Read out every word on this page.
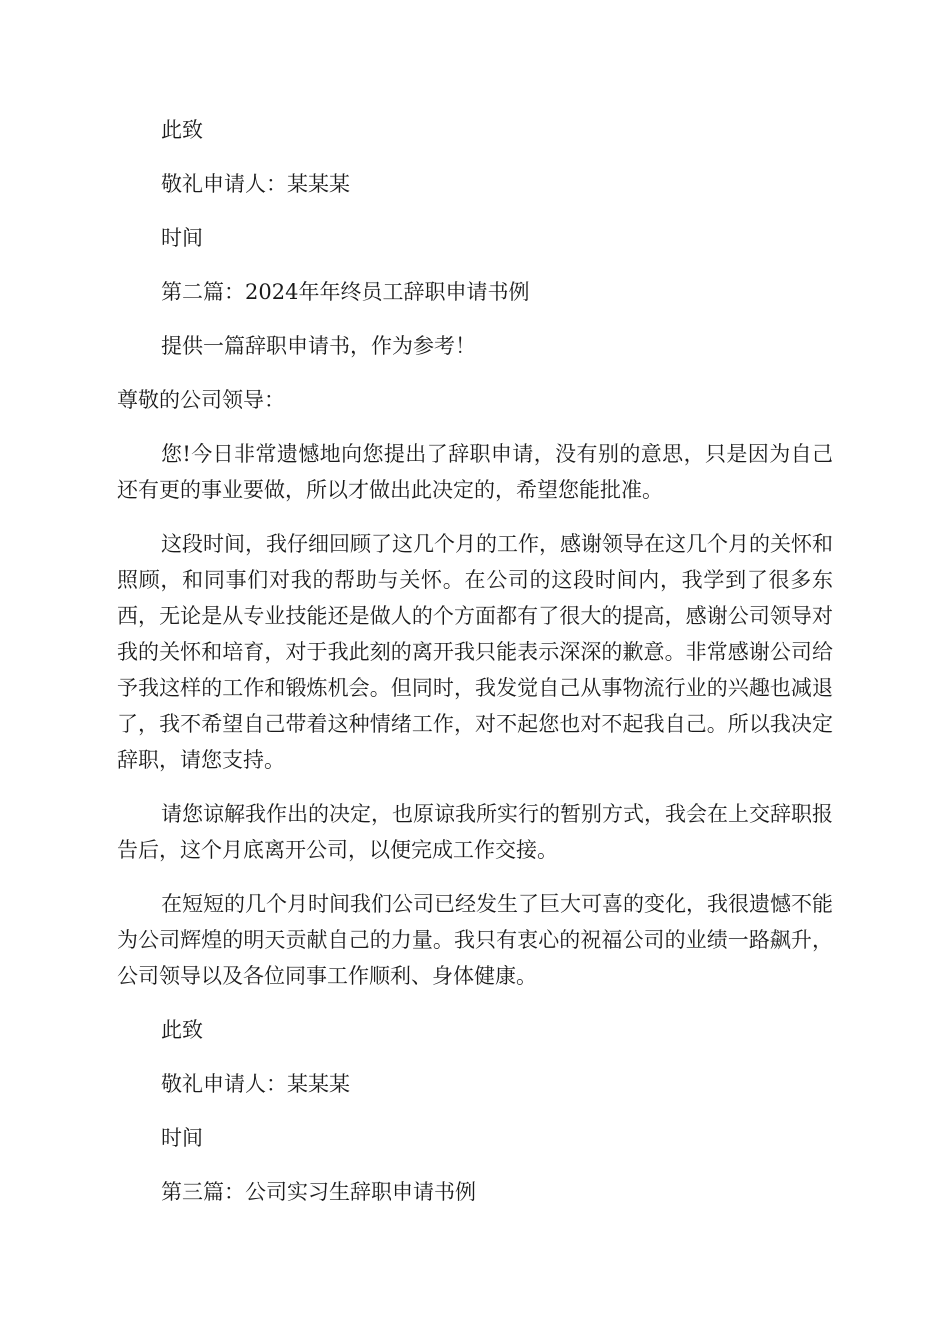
此致

敬礼申请人：某某某

时间

第二篇：2024年年终员工辞职申请书例

提供一篇辞职申请书，作为参考！

尊敬的公司领导：

您!今日非常遗憾地向您提出了辞职申请，没有别的意思，只是因为自己还有更的事业要做，所以才做出此决定的，希望您能批准。

这段时间，我仔细回顾了这几个月的工作，感谢领导在这几个月的关怀和照顾，和同事们对我的帮助与关怀。在公司的这段时间内，我学到了很多东西，无论是从专业技能还是做人的个方面都有了很大的提高，感谢公司领导对我的关怀和培育，对于我此刻的离开我只能表示深深的歉意。非常感谢公司给予我这样的工作和锻炼机会。但同时，我发觉自己从事物流行业的兴趣也减退了，我不希望自己带着这种情绪工作，对不起您也对不起我自己。所以我决定辞职，请您支持。

请您谅解我作出的决定，也原谅我所实行的暂别方式，我会在上交辞职报告后，这个月底离开公司，以便完成工作交接。

在短短的几个月时间我们公司已经发生了巨大可喜的变化，我很遗憾不能为公司辉煌的明天贡献自己的力量。我只有衷心的祝福公司的业绩一路飙升，公司领导以及各位同事工作顺利、身体健康。

此致

敬礼申请人：某某某

时间

第三篇：公司实习生辞职申请书例
